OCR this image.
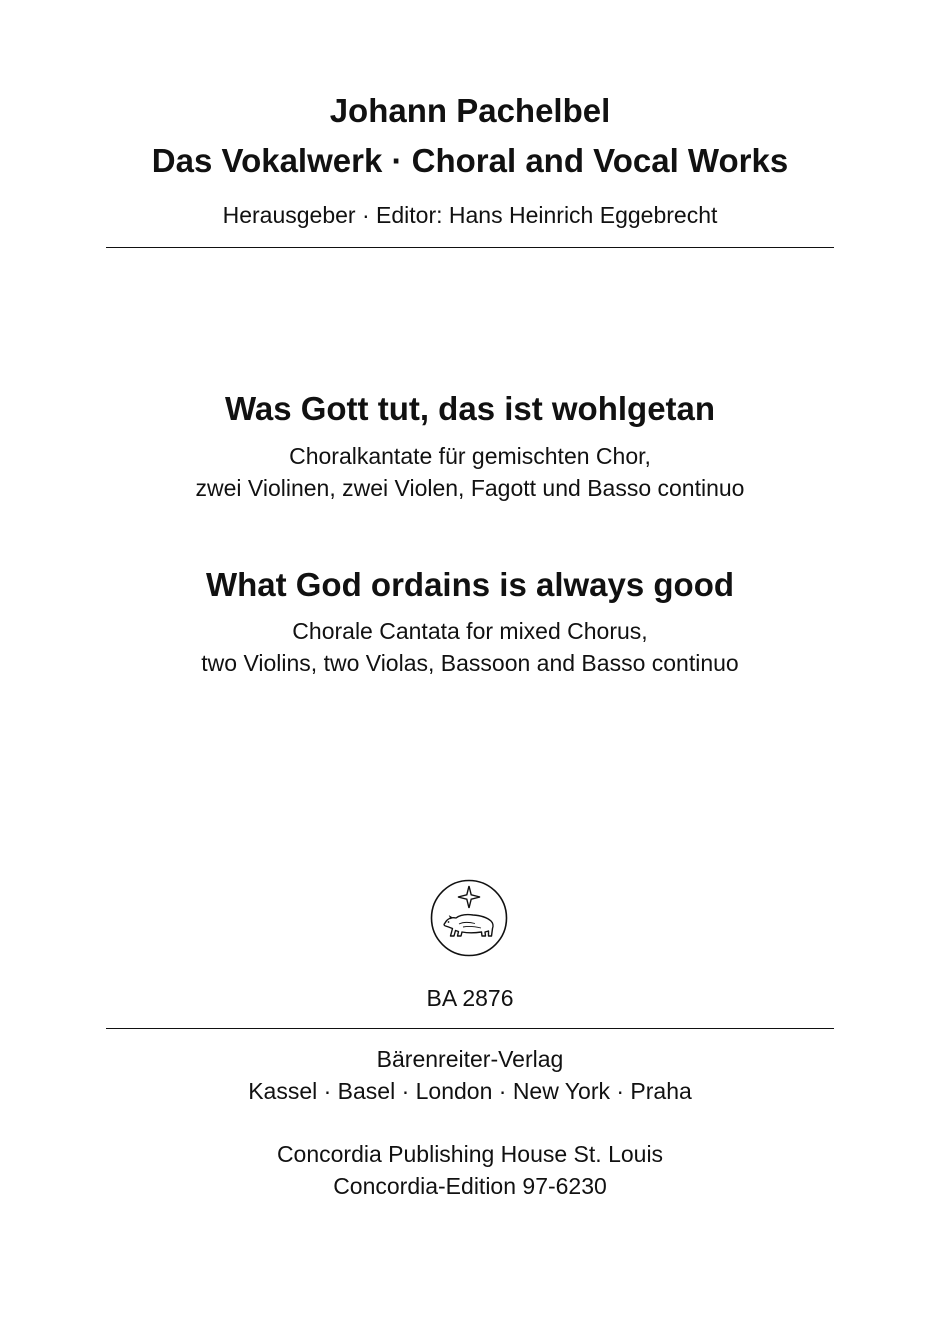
Johann Pachelbel
Das Vokalwerk · Choral and Vocal Works
Herausgeber · Editor: Hans Heinrich Eggebrecht
Was Gott tut, das ist wohlgetan
Choralkantate für gemischten Chor,
zwei Violinen, zwei Violen, Fagott und Basso continuo
What God ordains is always good
Chorale Cantata for mixed Chorus,
two Violins, two Violas, Bassoon and Basso continuo
BA 2876
Bärenreiter-Verlag
Kassel · Basel · London · New York · Praha
Concordia Publishing House St. Louis
Concordia-Edition 97-6230
